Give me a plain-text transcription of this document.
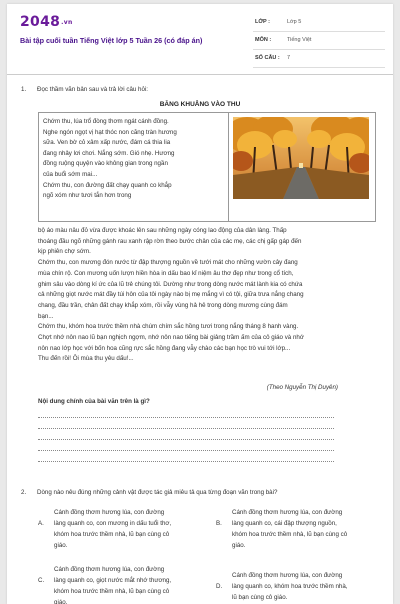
2048.vn
Bài tập cuối tuần Tiếng Việt lớp 5 Tuần 26 (có đáp án)
LỚP :	Lớp 5
MÔN :	Tiếng Việt
SỐ CÂU : 7
1. Đọc thầm văn bản sau và trả lời câu hỏi:
BĂNG KHUÂNG VÀO THU
Chớm thu, lúa trổ đòng thơm ngát cánh đồng.
Nghe ngón ngọt vị hạt thóc non căng tràn hương
sữa. Ven bờ cỏ xâm xấp nước, đám cá thia lia
đang nhảy lơi chơi. Nắng sớm. Gió nhẹ. Hương
đồng ruộng quyện vào không gian trong ngần
của buổi sớm mai...
Chớm thu, con đường đất chạy quanh co khắp
ngõ xóm như tươi tắn hơn trong
bộ áo màu nâu đỏ vừa được khoác lên sau những ngày cóng lao động của dân làng. Thấp
thoáng đầu ngõ những gánh rau xanh rập rờn theo bước chân của các mẹ, các chị gấp gáp đến
kịp phiên chợ sớm.
Chớm thu, con mương đón nước từ đập thượng nguồn về tưới mát cho những vườn cây đang
mùa chín rộ. Con mương uốn lượn hiền hòa in dấu bao kỉ niệm âu thơ đẹp như trong cổ tích,
ghim sâu vào dòng kí ức của lũ trẻ chúng tôi. Dường như trong dòng nước mát lành kia có chứa
cả những giọt nước mát đầy túi hôn của tôi ngày nào bị mẹ mắng vì có tội, giữa trưa nắng chang
chang, đầu trần, chân đất chạy khắp xóm, rồi vẫy vùng hả hê trong dòng mương cùng đám
bạn...
Chớm thu, khóm hoa trước thềm nhà chúm chím sắc hồng tươi trong nắng tháng 8 hanh vàng.
Chợt nhớ nôn nao lũ bạn nghịch ngợm, nhớ nôn nao tiếng bài giảng trầm ấm của cô giáo và nhớ
nôn nao lớp học với bốn hoa cũng rực sắc hồng đang vẫy chào các bạn học trò vui tới lớp...
Thu đến rồi! Ôi mùa thu yêu dấu!...
(Theo Nguyễn Thị Duyên)
Nội dung chính của bài văn trên là gì?
2. Dòng nào nêu đúng những cảnh vật được tác giả miêu tả qua từng đoạn văn trong bài?
A.
Cánh đồng thơm hương lúa, con đường
làng quanh co, con mương in dấu tuổi thơ,
khóm hoa trước thềm nhà, lũ bạn cùng cô
giáo.
B.
Cánh đồng thơm hương lúa, con đường
làng quanh co, cái đập thượng nguồn,
khóm hoa trước thềm nhà, lũ bạn cùng cô
giáo.
C.
Cánh đồng thơm hương lúa, con đường
làng quanh co, giọt nước mắt nhớ thương,
khóm hoa trước thềm nhà, lũ bạn cùng cô
giáo.
D.
Cánh đồng thơm hương lúa, con đường
làng quanh co, khóm hoa trước thềm nhà,
lũ bạn cùng cô giáo.
